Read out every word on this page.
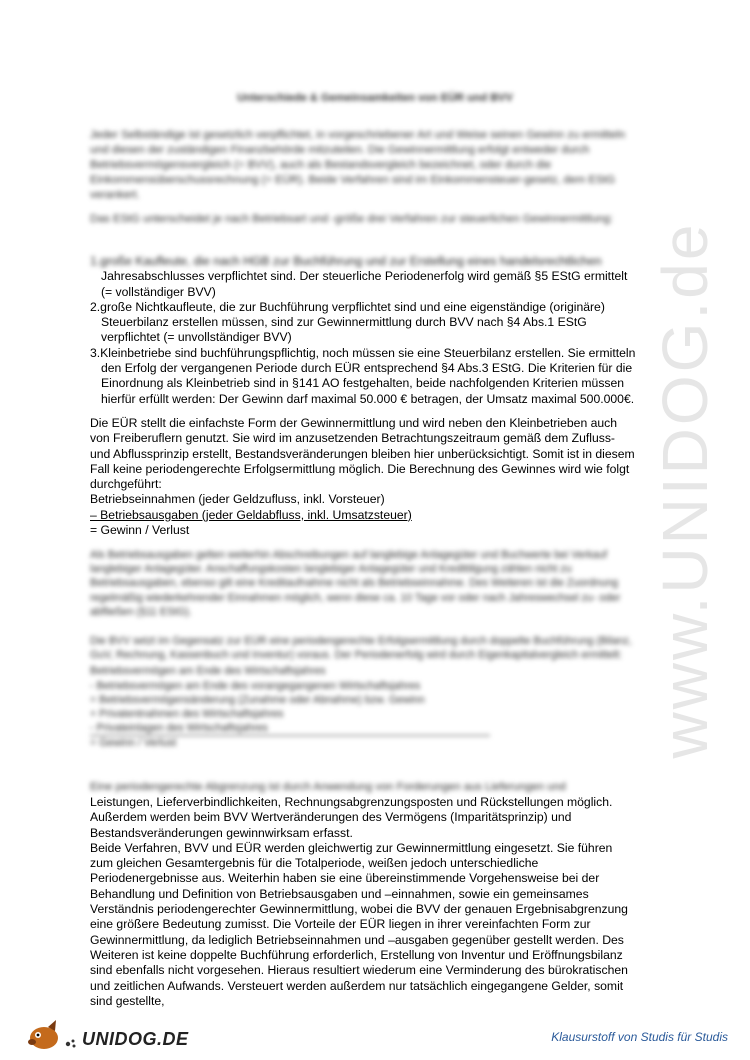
www.UNIDOG.de
Unterschiede & Gemeinsamkeiten von EÜR und BVV

Jeder Selbständige ist gesetzlich verpflichtet, in vorgeschriebener Art und Weise seinen Gewinn zu ermitteln und diesen der zuständigen Finanzbehörde mitzuteilen. Die Gewinnermittlung erfolgt entweder durch Betriebsvermögensvergleich (= BVV), auch als Bestandsvergleich bezeichnet, oder durch die Einkommensüberschussrechnung (= EÜR). Beide Verfahren sind im Einkommensteuer-gesetz, dem EStG verankert.

Das EStG unterscheidet je nach Betriebsart und -größe drei Verfahren zur steuerlichen Gewinnermittlung:

1.große Kaufleute, die nach HGB zur Buchführung und zur Erstellung eines handelsrechtlichen
Jahresabschlusses verpflichtet sind. Der steuerliche Periodenerfolg wird gemäß §5 EStG ermittelt (= vollständiger BVV)
2.große Nichtkaufleute, die zur Buchführung verpflichtet sind und eine eigenständige (originäre) Steuerbilanz erstellen müssen, sind zur Gewinnermittlung durch BVV nach §4 Abs.1 EStG verpflichtet (= unvollständiger BVV)
3.Kleinbetriebe sind buchführungspflichtig, noch müssen sie eine Steuerbilanz erstellen. Sie ermitteln den Erfolg der vergangenen Periode durch EÜR entsprechend §4 Abs.3 EStG. Die Kriterien für die Einordnung als Kleinbetrieb sind in §141 AO festgehalten, beide nachfolgenden Kriterien müssen hierfür erfüllt werden: Der Gewinn darf maximal 50.000 € betragen, der Umsatz maximal 500.000€.

Die EÜR stellt die einfachste Form der Gewinnermittlung und wird neben den Kleinbetrieben auch von Freiberuflern genutzt. Sie wird im anzusetzenden Betrachtungszeitraum gemäß dem Zufluss- und Abflussprinzip erstellt, Bestandsveränderungen bleiben hier unberücksichtigt. Somit ist in diesem Fall keine periodengerechte Erfolgsermittlung möglich. Die Berechnung des Gewinnes wird wie folgt durchgeführt:

Betriebseinnahmen (jeder Geldzufluss, inkl. Vorsteuer)

– Betriebsausgaben (jeder Geldabfluss, inkl. Umsatzsteuer)

= Gewinn / Verlust

Als Betriebsausgaben gelten weiterhin Abschreibungen auf langlebige Anlagegüter und Buchwerte bei Verkauf langlebiger Anlagegüter. Anschaffungskosten langlebiger Anlagegüter und Kredittilgung zählen nicht zu Betriebsausgaben, ebenso gilt eine Kreditaufnahme nicht als Betriebseinnahme. Des Weiteren ist die Zuordnung regelmäßig wiederkehrender Einnahmen möglich, wenn diese ca. 10 Tage vor oder nach Jahreswechsel zu- oder abfließen (§11 EStG).

Die BVV setzt im Gegensatz zur EÜR eine periodengerechte Erfolgsermittlung durch doppelte Buchführung (Bilanz, GuV, Rechnung, Kassenbuch und Inventur) voraus. Der Periodenerfolg wird durch Eigenkapitalvergleich ermittelt:

Betriebsvermögen am Ende des Wirtschaftsjahres
- Betriebsvermögen am Ende des vorangegangenen Wirtschaftsjahres
= Betriebsvermögensänderung (Zunahme oder Abnahme) bzw. Gewinn
+ Privatentnahmen des Wirtschaftsjahres
- Privateinlagen des Wirtschaftsjahres
= Gewinn / Verlust

Eine periodengerechte Abgrenzung ist durch Anwendung von Forderungen aus Lieferungen und

Leistungen, Lieferverbindlichkeiten, Rechnungsabgrenzungsposten und Rückstellungen möglich. Außerdem werden beim BVV Wertveränderungen des Vermögens (Imparitätsprinzip) und Bestandsveränderungen gewinnwirksam erfasst.

Beide Verfahren, BVV und EÜR werden gleichwertig zur Gewinnermittlung eingesetzt. Sie führen zum gleichen Gesamtergebnis für die Totalperiode, weißen jedoch unterschiedliche Periodenergebnisse aus. Weiterhin haben sie eine übereinstimmende Vorgehensweise bei der Behandlung und Definition von Betriebsausgaben und –einnahmen, sowie ein gemeinsames Verständnis periodengerechter Gewinnermittlung, wobei die BVV der genauen Ergebnisabgrenzung eine größere Bedeutung zumisst. Die Vorteile der EÜR liegen in ihrer vereinfachten Form zur Gewinnermittlung, da lediglich Betriebseinnahmen und –ausgaben gegenüber gestellt werden. Des Weiteren ist keine doppelte Buchführung erforderlich, Erstellung von Inventur und Eröffnungsbilanz sind ebenfalls nicht vorgesehen. Hieraus resultiert wiederum eine Verminderung des bürokratischen und zeitlichen Aufwands. Versteuert werden außerdem nur tatsächlich eingegangene Gelder, somit sind gestellte,

UNIDOG.DE	Klausurstoff von Studis für Studis
